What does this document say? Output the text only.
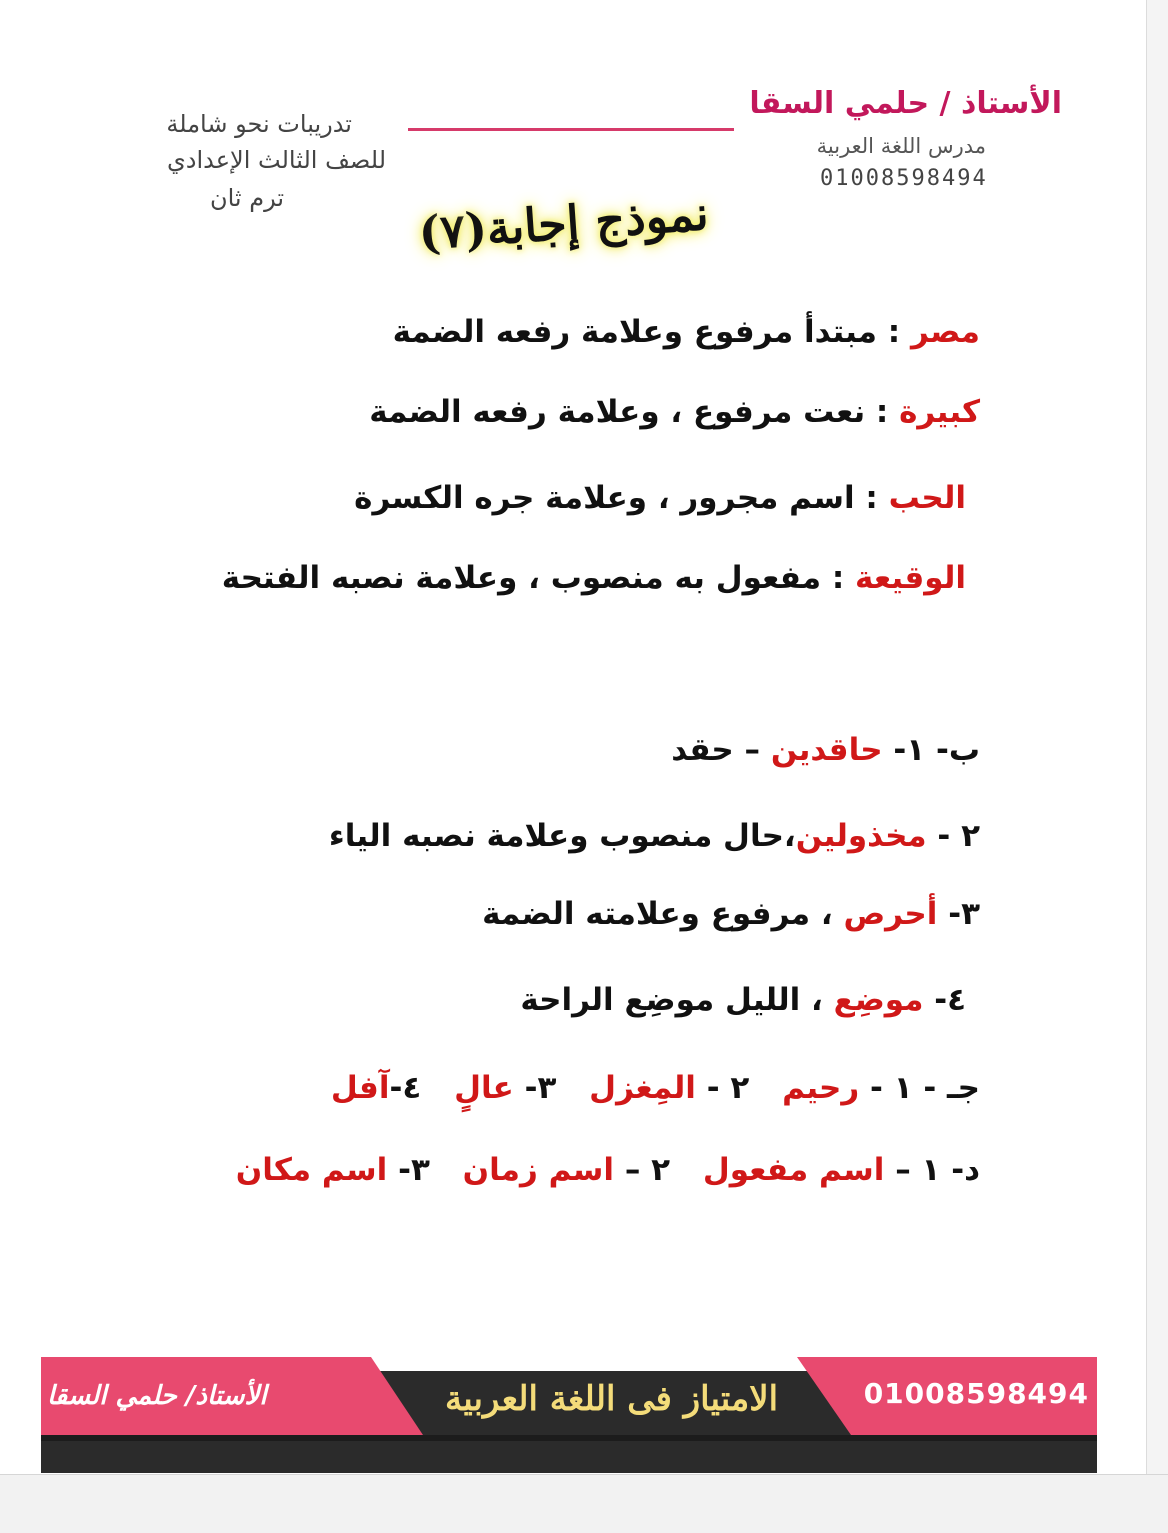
الأستاذ / حلمي السقا
مدرس اللغة العربية
01008598494
تدريبات نحو شاملة
للصف الثالث الإعدادي
ترم ثان
نموذج إجابة(٧)
مصر : مبتدأ مرفوع وعلامة رفعه الضمة
كبيرة : نعت مرفوع ، وعلامة رفعه الضمة
الحب : اسم مجرور ، وعلامة جره الكسرة
الوقيعة : مفعول به منصوب ، وعلامة نصبه الفتحة
ب- ١- حاقدين – حقد
٢ - مخذولين،حال منصوب وعلامة نصبه الياء
٣- أحرص ، مرفوع وعلامته الضمة
٤- موضِع ، الليل موضِع الراحة
جـ - ١ - رحيم ٢ - المِغزل ٣- عالٍ ٤-آفل
د- ١ – اسم مفعول ٢ – اسم زمان ٣- اسم مكان
01008598494
الامتياز فى اللغة العربية
الأستاذ/ حلمي السقا
